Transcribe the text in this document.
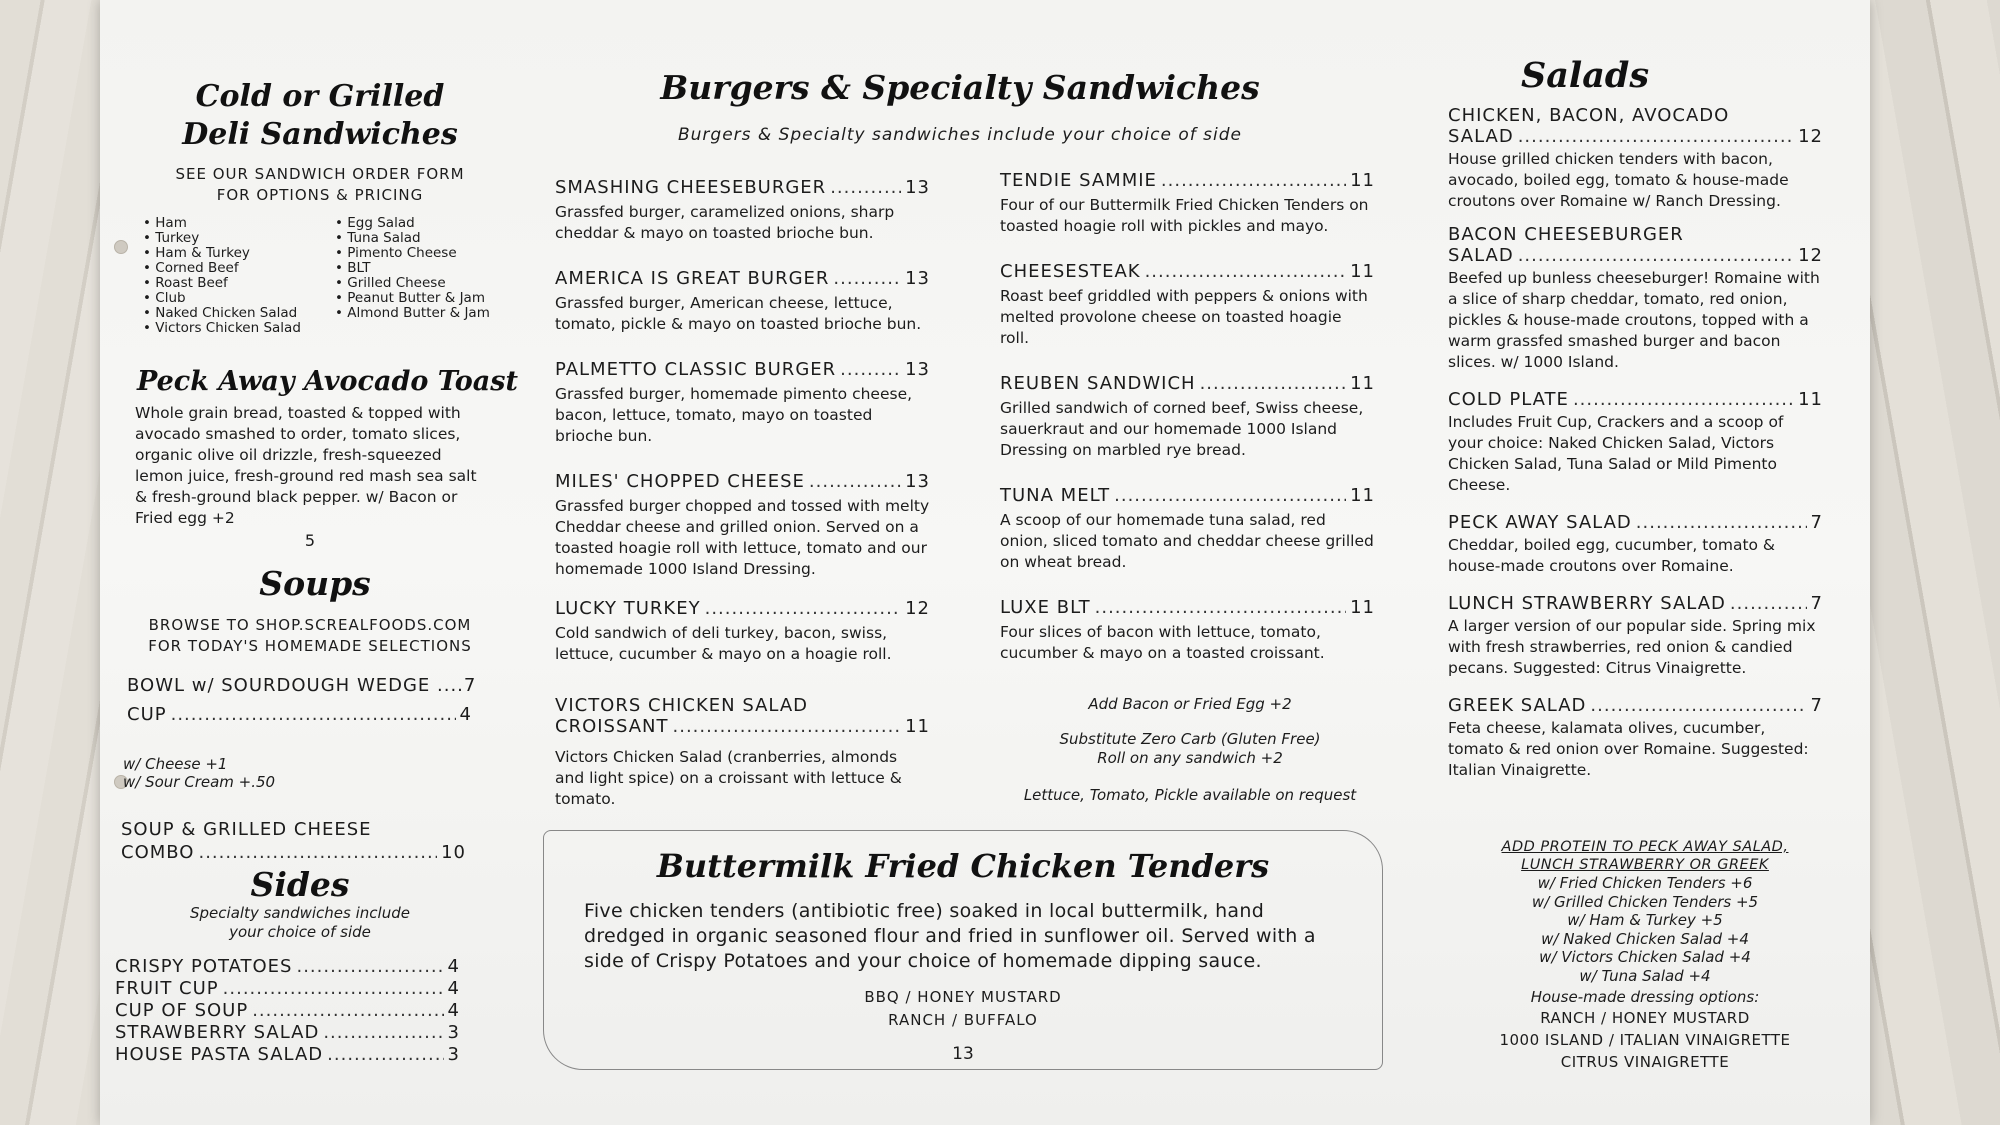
Cold or Grilled
Deli Sandwiches
SEE OUR SANDWICH ORDER FORM FOR OPTIONS & PRICING
• Ham
• Turkey
• Ham & Turkey
• Corned Beef
• Roast Beef
• Club
• Naked Chicken Salad
• Victors Chicken Salad
• Egg Salad
• Tuna Salad
• Pimento Cheese
• BLT
• Grilled Cheese
• Peanut Butter & Jam
• Almond Butter & Jam
Peck Away Avocado Toast
Whole grain bread, toasted & topped with avocado smashed to order, tomato slices, organic olive oil drizzle, fresh-squeezed lemon juice, fresh-ground red mash sea salt & fresh-ground black pepper. w/ Bacon or Fried egg +2
5
Soups
BROWSE TO SHOP.SCREALFOODS.COM FOR TODAY'S HOMEMADE SELECTIONS
BOWL w/ SOURDOUGH WEDGE .... 7
CUP .....	4
w/ Cheese +1
w/ Sour Cream +.50
SOUP & GRILLED CHEESE
COMBO .....	10
Sides
Specialty sandwiches include
your choice of side
CRISPY POTATOES .....	4
FRUIT CUP .....	4
CUP OF SOUP .....	4
STRAWBERRY SALAD .....	3
HOUSE PASTA SALAD .....	3
Burgers & Specialty Sandwiches
Burgers & Specialty sandwiches include your choice of side
SMASHING CHEESEBURGER .....	13
Grassfed burger, caramelized onions, sharp cheddar & mayo on toasted brioche bun.
AMERICA IS GREAT BURGER .....	13
Grassfed burger, American cheese, lettuce, tomato, pickle & mayo on toasted brioche bun.
PALMETTO CLASSIC BURGER .....	13
Grassfed burger, homemade pimento cheese, bacon, lettuce, tomato, mayo on toasted brioche bun.
MILES' CHOPPED CHEESE .....	13
Grassfed burger chopped and tossed with melty Cheddar cheese and grilled onion. Served on a toasted hoagie roll with lettuce, tomato and our homemade 1000 Island Dressing.
LUCKY TURKEY .....	12
Cold sandwich of deli turkey, bacon, swiss, lettuce, cucumber & mayo on a hoagie roll.
VICTORS CHICKEN SALAD
CROISSANT .....	11
Victors Chicken Salad (cranberries, almonds and light spice) on a croissant with lettuce & tomato.
TENDIE SAMMIE .....	11
Four of our Buttermilk Fried Chicken Tenders on toasted hoagie roll with pickles and mayo.
CHEESESTEAK .....	11
Roast beef griddled with peppers & onions with melted provolone cheese on toasted hoagie roll.
REUBEN SANDWICH .....	11
Grilled sandwich of corned beef, Swiss cheese, sauerkraut and our homemade 1000 Island Dressing on marbled rye bread.
TUNA MELT .....	11
A scoop of our homemade tuna salad, red onion, sliced tomato and cheddar cheese grilled on wheat bread.
LUXE BLT .....	11
Four slices of bacon with lettuce, tomato, cucumber & mayo on a toasted croissant.
Add Bacon or Fried Egg +2
Substitute Zero Carb (Gluten Free)
Roll on any sandwich +2
Lettuce, Tomato, Pickle available on request
Buttermilk Fried Chicken Tenders
Five chicken tenders (antibiotic free) soaked in local buttermilk, hand dredged in organic seasoned flour and fried in sunflower oil. Served with a side of Crispy Potatoes and your choice of homemade dipping sauce.
BBQ / HONEY MUSTARD
RANCH / BUFFALO
13
Salads
CHICKEN, BACON, AVOCADO
SALAD .....	12
House grilled chicken tenders with bacon, avocado, boiled egg, tomato & house-made croutons over Romaine w/ Ranch Dressing.
BACON CHEESEBURGER
SALAD .....	12
Beefed up bunless cheeseburger! Romaine with a slice of sharp cheddar, tomato, red onion, pickles & house-made croutons, topped with a warm grassfed smashed burger and bacon slices. w/ 1000 Island.
COLD PLATE .....	11
Includes Fruit Cup, Crackers and a scoop of your choice: Naked Chicken Salad, Victors Chicken Salad, Tuna Salad or Mild Pimento Cheese.
PECK AWAY SALAD .....	7
Cheddar, boiled egg, cucumber, tomato & house-made croutons over Romaine.
LUNCH STRAWBERRY SALAD .....	7
A larger version of our popular side. Spring mix with fresh strawberries, red onion & candied pecans. Suggested: Citrus Vinaigrette.
GREEK SALAD .....	7
Feta cheese, kalamata olives, cucumber, tomato & red onion over Romaine. Suggested: Italian Vinaigrette.
ADD PROTEIN TO PECK AWAY SALAD,
LUNCH STRAWBERRY OR GREEK
w/ Fried Chicken Tenders +6
w/ Grilled Chicken Tenders +5
w/ Ham & Turkey +5
w/ Naked Chicken Salad +4
w/ Victors Chicken Salad +4
w/ Tuna Salad +4
House-made dressing options:
RANCH / HONEY MUSTARD
1000 ISLAND / ITALIAN VINAIGRETTE
CITRUS VINAIGRETTE
